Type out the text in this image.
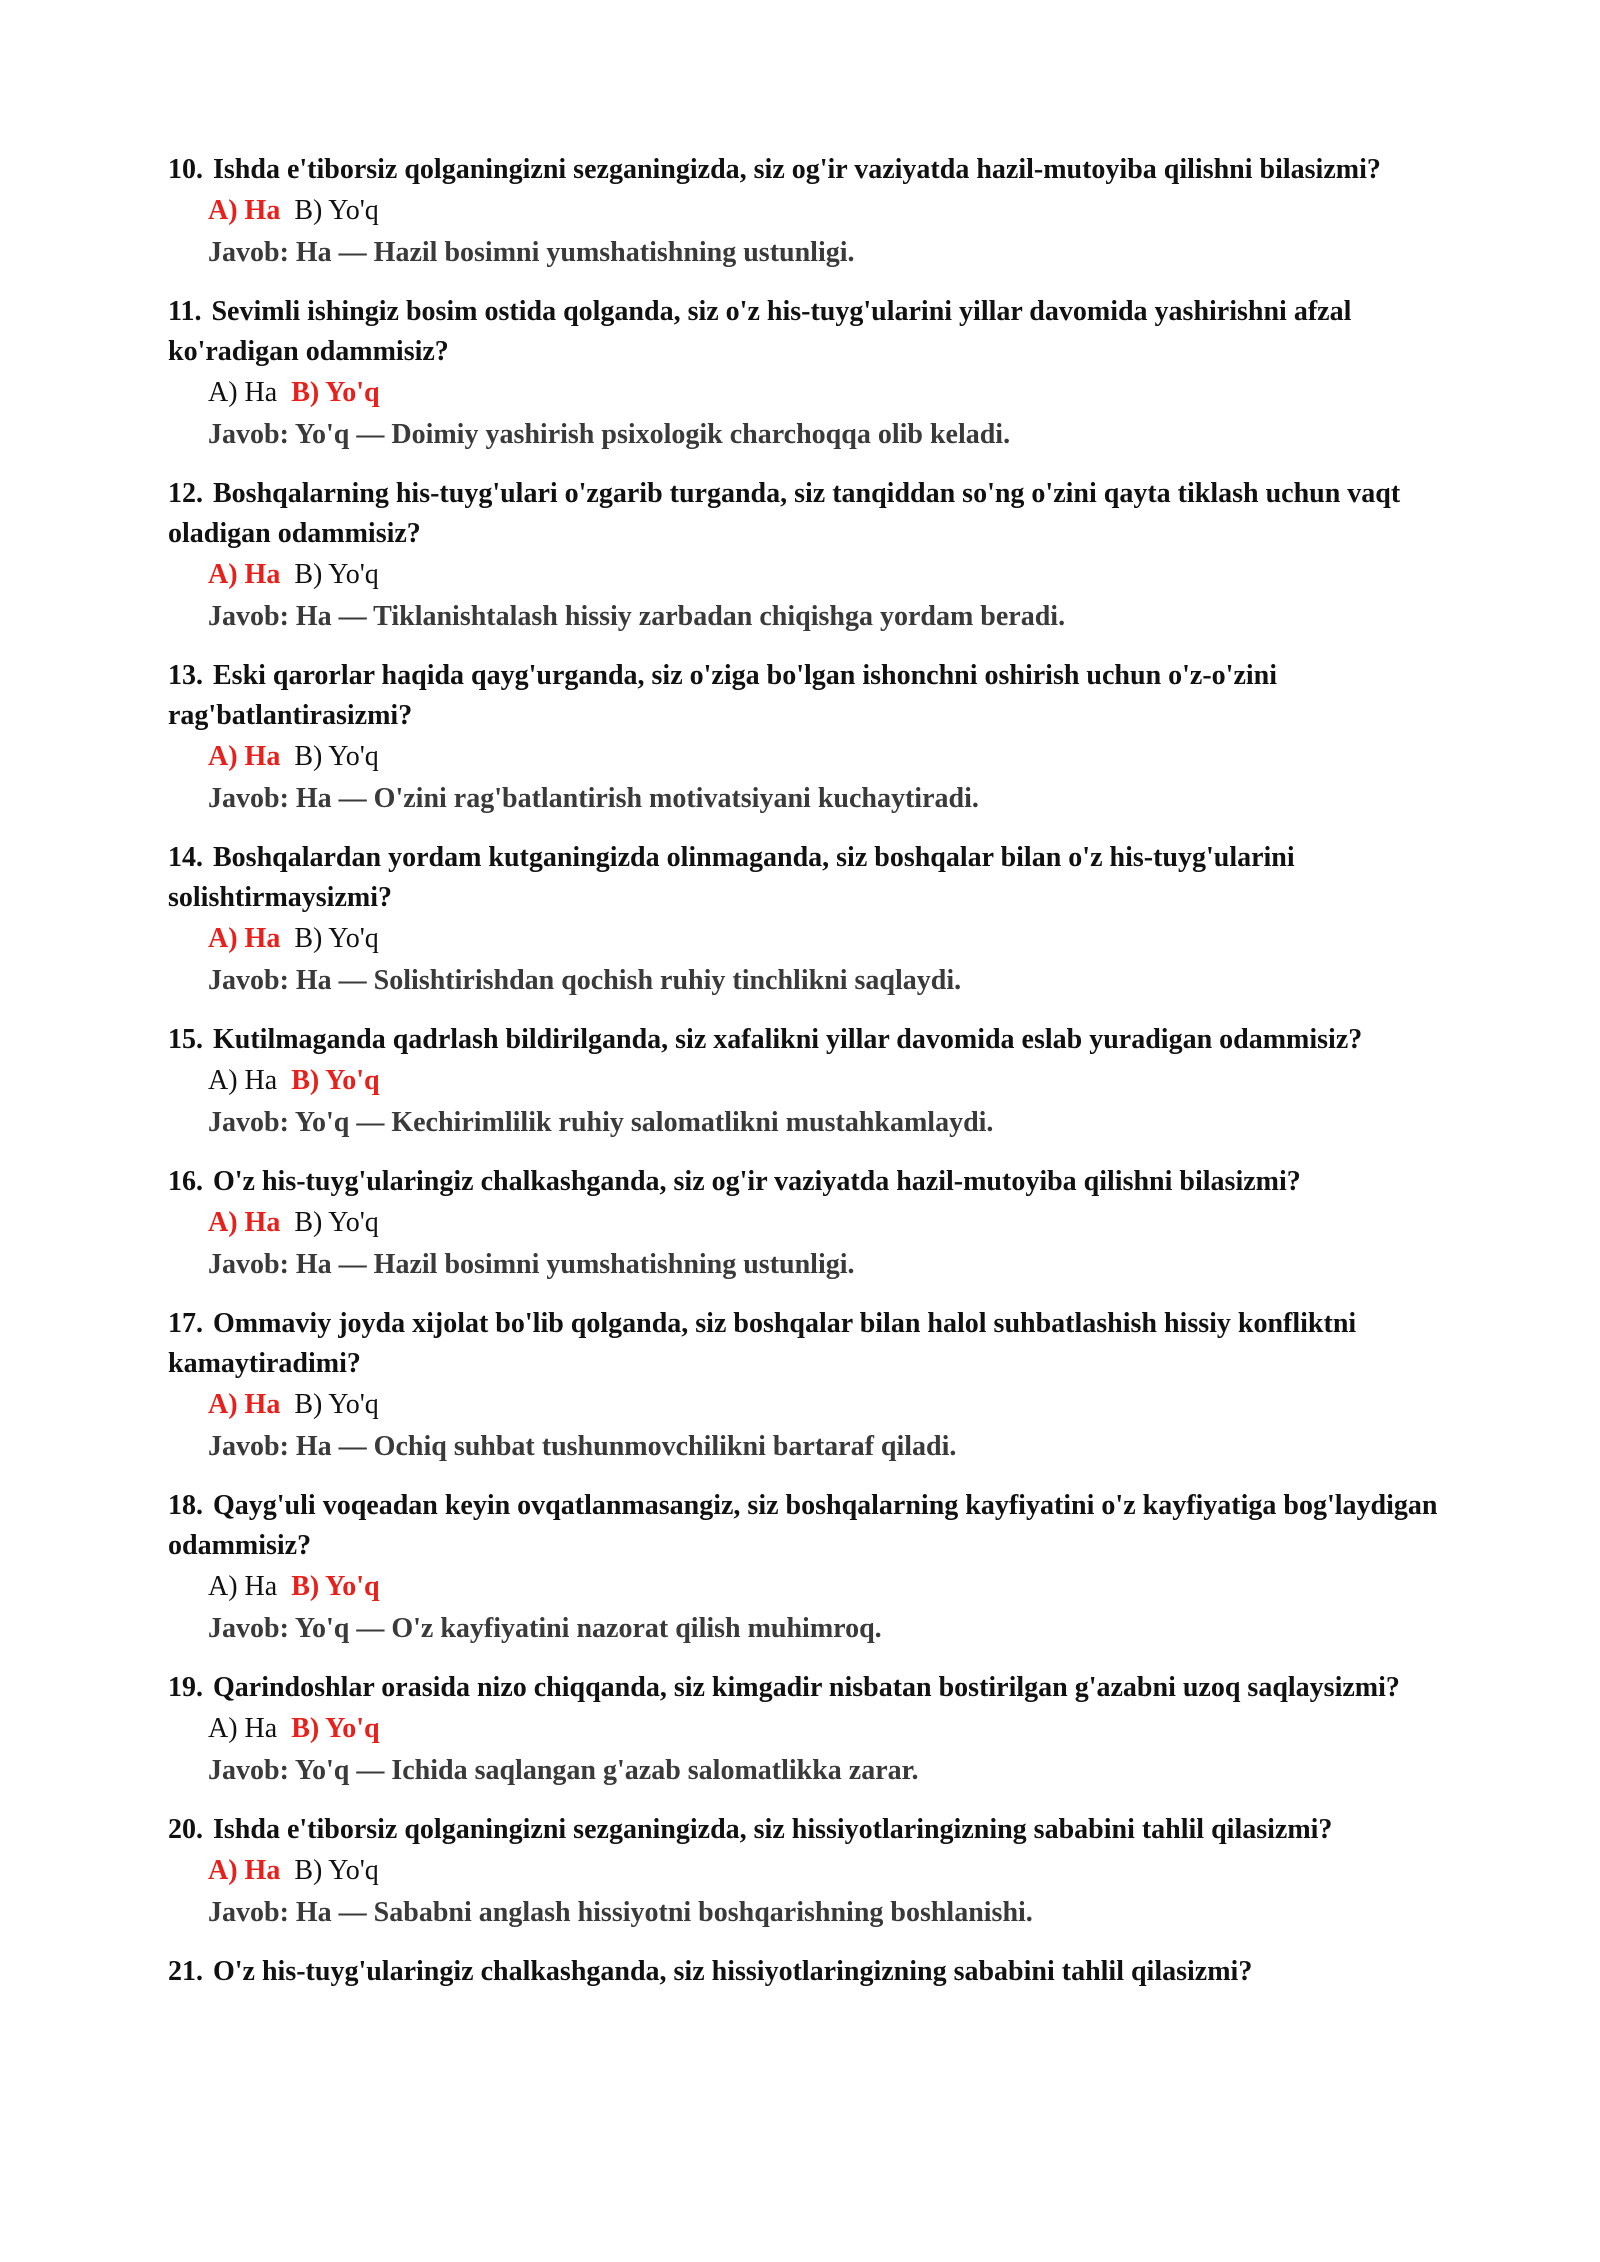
10. Ishda e'tiborsiz qolganingizni sezganingizda, siz og'ir vaziyatda hazil-mutoyiba qilishni bilasizmi?

A) Ha B) Yo'q

Javob: Ha — Hazil bosimni yumshatishning ustunligi.

11. Sevimli ishingiz bosim ostida qolganda, siz o'z his-tuyg'ularini yillar davomida yashirishni afzal ko'radigan odammisiz?

A) Ha B) Yo'q

Javob: Yo'q — Doimiy yashirish psixologik charchoqqa olib keladi.

12. Boshqalarning his-tuyg'ulari o'zgarib turganda, siz tanqiddan so'ng o'zini qayta tiklash uchun vaqt oladigan odammisiz?

A) Ha B) Yo'q

Javob: Ha — Tiklanishtalash hissiy zarbadan chiqishga yordam beradi.

13. Eski qarorlar haqida qayg'urganda, siz o'ziga bo'lgan ishonchni oshirish uchun o'z-o'zini rag'batlantirasizmi?

A) Ha B) Yo'q

Javob: Ha — O'zini rag'batlantirish motivatsiyani kuchaytiradi.

14. Boshqalardan yordam kutganingizda olinmaganda, siz boshqalar bilan o'z his-tuyg'ularini solishtirmaysizmi?

A) Ha B) Yo'q

Javob: Ha — Solishtirishdan qochish ruhiy tinchlikni saqlaydi.

15. Kutilmaganda qadrlash bildirilganda, siz xafalikni yillar davomida eslab yuradigan odammisiz?

A) Ha B) Yo'q

Javob: Yo'q — Kechirimlilik ruhiy salomatlikni mustahkamlaydi.

16. O'z his-tuyg'ularingiz chalkashganda, siz og'ir vaziyatda hazil-mutoyiba qilishni bilasizmi?

A) Ha B) Yo'q

Javob: Ha — Hazil bosimni yumshatishning ustunligi.

17. Ommaviy joyda xijolat bo'lib qolganda, siz boshqalar bilan halol suhbatlashish hissiy konfliktni kamaytiradimi?

A) Ha B) Yo'q

Javob: Ha — Ochiq suhbat tushunmovchilikni bartaraf qiladi.

18. Qayg'uli voqeadan keyin ovqatlanmasangiz, siz boshqalarning kayfiyatini o'z kayfiyatiga bog'laydigan odammisiz?

A) Ha B) Yo'q

Javob: Yo'q — O'z kayfiyatini nazorat qilish muhimroq.

19. Qarindoshlar orasida nizo chiqqanda, siz kimgadir nisbatan bostirilgan g'azabni uzoq saqlaysizmi?

A) Ha B) Yo'q

Javob: Yo'q — Ichida saqlangan g'azab salomatlikka zarar.

20. Ishda e'tiborsiz qolganingizni sezganingizda, siz hissiyotlaringizning sababini tahlil qilasizmi?

A) Ha B) Yo'q

Javob: Ha — Sababni anglash hissiyotni boshqarishning boshlanishi.

21. O'z his-tuyg'ularingiz chalkashganda, siz hissiyotlaringizning sababini tahlil qilasizmi?
